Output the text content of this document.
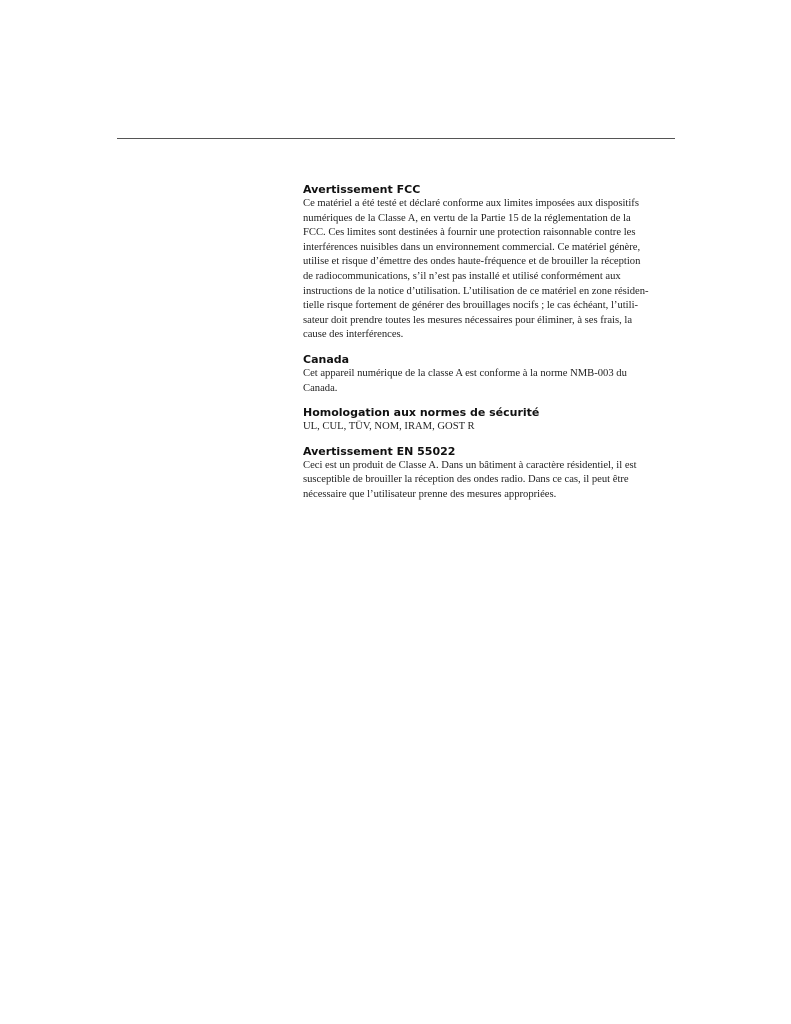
Avertissement FCC

Ce matériel a été testé et déclaré conforme aux limites imposées aux dispositifs
numériques de la Classe A, en vertu de la Partie 15 de la réglementation de la
FCC. Ces limites sont destinées à fournir une protection raisonnable contre les
interférences nuisibles dans un environnement commercial. Ce matériel génère,
utilise et risque d’émettre des ondes haute-fréquence et de brouiller la réception
de radiocommunications, s’il n’est pas installé et utilisé conformément aux
instructions de la notice d’utilisation. L’utilisation de ce matériel en zone résiden-
tielle risque fortement de générer des brouillages nocifs ; le cas échéant, l’utili-
sateur doit prendre toutes les mesures nécessaires pour éliminer, à ses frais, la
cause des interférences.

Canada

Cet appareil numérique de la classe A est conforme à la norme NMB-003 du
Canada.

Homologation aux normes de sécurité

UL, CUL, TÜV, NOM, IRAM, GOST R

Avertissement EN 55022

Ceci est un produit de Classe A. Dans un bâtiment à caractère résidentiel, il est
susceptible de brouiller la réception des ondes radio. Dans ce cas, il peut être
nécessaire que l’utilisateur prenne des mesures appropriées.
